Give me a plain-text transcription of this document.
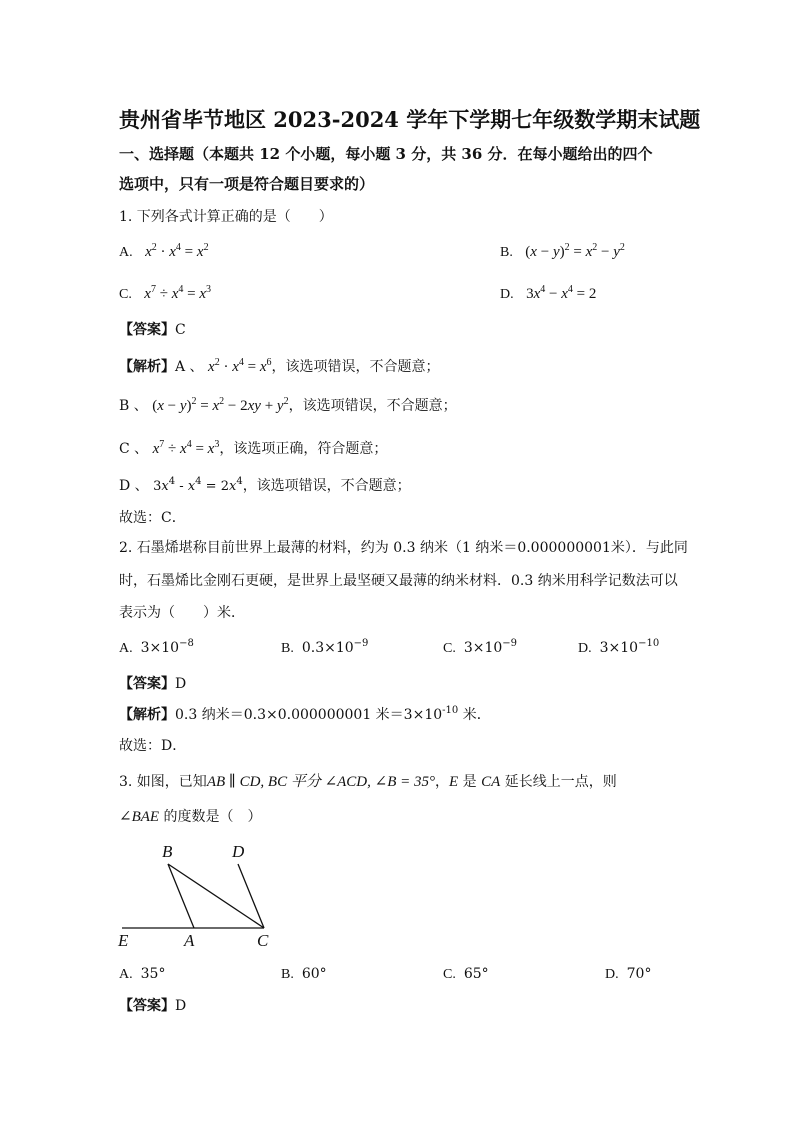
贵州省毕节地区 2023-2024 学年下学期七年级数学期末试题
一、选择题（本题共 12 个小题，每小题 3 分，共 36 分．在每小题给出的四个
选项中，只有一项是符合题目要求的）
1. 下列各式计算正确的是（　　）
A. $x^2 \cdot x^4 = x^2$	B. $(x - y)^2 = x^2 - y^2$
C. $x^7 \div x^4 = x^3$	D. $3x^4 - x^4 = 2$
【答案】C
【解析】A 、 $x^2 \cdot x^4 = x^6$，该选项错误，不合题意；
B 、 $(x - y)^2 = x^2 - 2xy + y^2$，该选项错误，不合题意；
C 、 $x^7 \div x^4 = x^3$，该选项正确，符合题意；
D 、 $3x^4 - x^4 = 2x^4$，该选项错误，不合题意；
故选：C．
2. 石墨烯堪称目前世界上最薄的材料，约为 0.3 纳米（1 纳米＝0.000000001米）．与此同
时，石墨烯比金刚石更硬，是世界上最坚硬又最薄的纳米材料．0.3 纳米用科学记数法可以
表示为（　　）米．
A. $3\times 10^{-8}$	B. $0.3\times 10^{-9}$	C. $3\times 10^{-9}$	D. $3\times 10^{-10}$
【答案】D
【解析】0.3 纳米＝0.3×0.000000001 米$=3\times 10^{-10}$ 米．
故选：D．
3. 如图，已知AB ∥ CD, BC 平分 ∠ACD, ∠B = 35°，E 是 CA 延长线上一点，则
∠BAE 的度数是（　）
B	D
E	A	C
A. 35°	B. 60°	C. 65°	D. 70°
【答案】D
